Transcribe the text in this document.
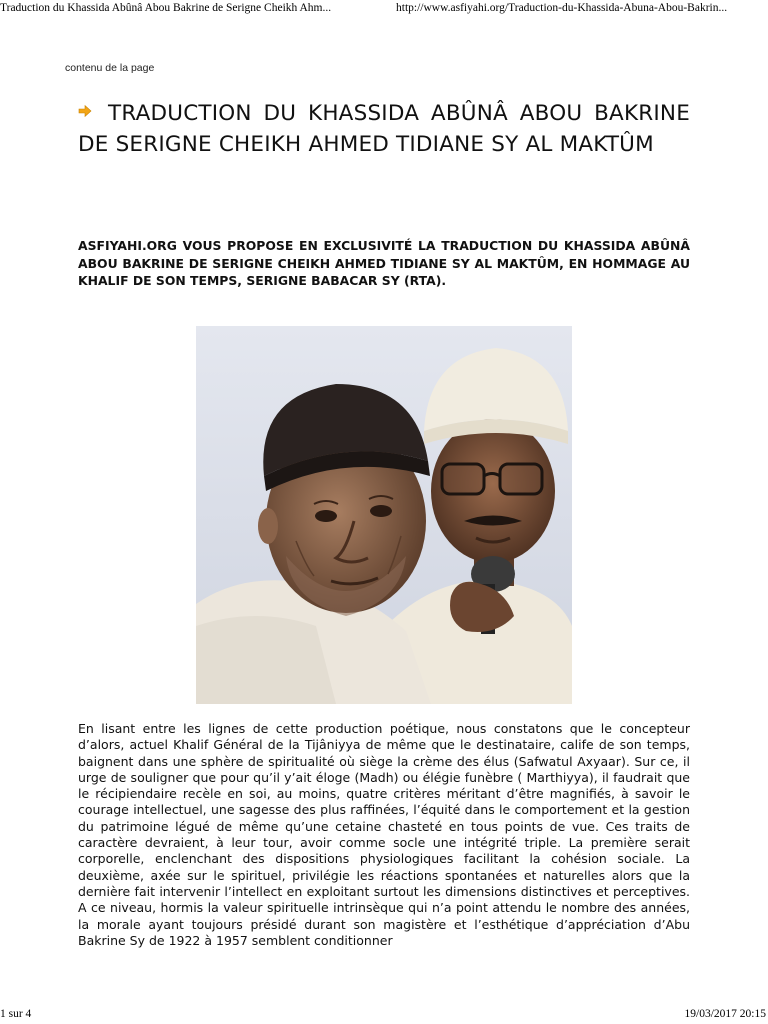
Traduction du Khassida Abûnâ Abou Bakrine de Serigne Cheikh Ahm...	http://www.asfiyahi.org/Traduction-du-Khassida-Abuna-Abou-Bakrin...
contenu de la page
TRADUCTION DU KHASSIDA ABÛNÂ ABOU BAKRINE DE SERIGNE CHEIKH AHMED TIDIANE SY AL MAKTÛM

ASFIYAHI.ORG VOUS PROPOSE EN EXCLUSIVITÉ LA TRADUCTION DU KHASSIDA ABÛNÂ ABOU BAKRINE DE SERIGNE CHEIKH AHMED TIDIANE SY AL MAKTÛM, EN HOMMAGE AU KHALIF DE SON TEMPS, SERIGNE BABACAR SY (RTA).

En lisant entre les lignes de cette production poétique, nous constatons que le concepteur d’alors, actuel Khalif Général de la Tijâniyya de même que le destinataire, calife de son temps, baignent dans une sphère de spiritualité où siège la crème des élus (Safwatul Axyaar). Sur ce, il urge de souligner que pour qu’il y’ait éloge (Madh) ou élégie funèbre ( Marthiyya), il faudrait que le récipiendaire recèle en soi, au moins, quatre critères méritant d’être magnifiés, à savoir le courage intellectuel, une sagesse des plus raffinées, l’équité dans le comportement et la gestion du patrimoine légué de même qu’une cetaine chasteté en tous points de vue. Ces traits de caractère devraient, à leur tour, avoir comme socle une intégrité triple. La première serait corporelle, enclenchant des dispositions physiologiques facilitant la cohésion sociale. La deuxième, axée sur le spirituel, privilégie les réactions spontanées et naturelles alors que la dernière fait intervenir l’intellect en exploitant surtout les dimensions distinctives et perceptives. A ce niveau, hormis la valeur spirituelle intrinsèque qui n’a point attendu le nombre des années, la morale ayant toujours présidé durant son magistère et l’esthétique d’appréciation d’Abu Bakrine Sy de 1922 à 1957 semblent conditionner

1 sur 4	19/03/2017 20:15
